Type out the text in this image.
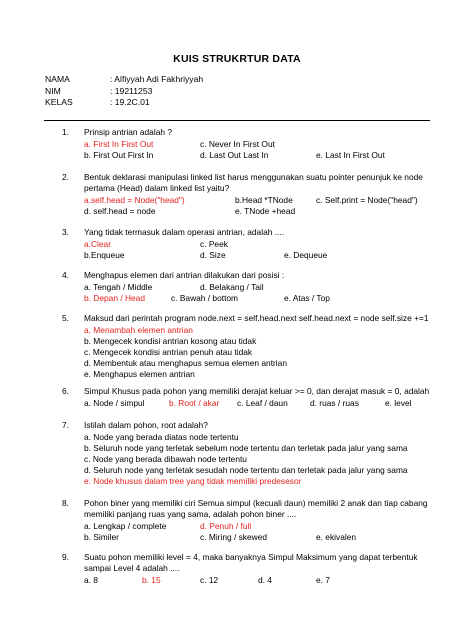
KUIS STRUKRTUR DATA
NAMA	: Alfiyyah Adi Fakhriyyah
NIM	: 19211253
KELAS	: 19.2C.01
1. Prinsip antrian adalah ?
a. First In First Out	c. Never In First Out
b. First Out First In	d. Last Out Last In	e. Last In First Out
2. Bentuk deklarasi manipulasi linked list harus menggunakan suatu pointer penunjuk ke node
pertama (Head) dalam linked list yaitu?
a.self.head = Node("head")	b.Head *TNode	c. Self.print = Node("head")
d. self.head = node	e. TNode +head
3. Yang tidak termasuk dalam operasi antrian, adalah ....
a.Clear	c. Peek
b.Enqueue	d. Size	e. Dequeue
4. Menghapus elemen dari antrian dilakukan dari posisi :
a. Tengah / Middle	d. Belakang / Tail
b. Depan / Head	c. Bawah / bottom	e. Atas / Top
5. Maksud dari perintah program node.next = self.head.next self.head.next = node self.size +=1
a. Menambah elemen antrian
b. Mengecek kondisi antrian kosong atau tidak
c. Mengecek kondisi antrian penuh atau tidak
d. Membentuk atau menghapus semua elemen antrian
e. Menghapus elemen antrian
6. Simpul Khusus pada pohon yang memiliki derajat keluar >= 0, dan derajat masuk = 0, adalah
a. Node / simpul	b. Root / akar c. Leaf / daun	d. ruas / ruas	e. level
7. Istilah dalam pohon, root adalah?
a. Node yang berada diatas node tertentu
b. Seluruh node yang terletak sebelum node tertentu dan terletak pada jalur yang sama
c. Node yang berada dibawah node tertentu
d. Seluruh node yang terletak sesudah node tertentu dan terletak pada jalur yang sama
e. Node khusus dalam tree yang tidak memiliki predesesor
8. Pohon biner yang memiliki ciri Semua simpul (kecuali daun) memiliki 2 anak dan tiap cabang
memiliki panjang ruas yang sama, adalah pohon biner ....
a. Lengkap / complete	d. Penuh / full
b. Similer	c. Miring / skewed	e. ekivalen
9. Suatu pohon memiliki level = 4, maka banyaknya Simpul Maksimum yang dapat terbentuk
sampai Level 4 adalah ....
a. 8	b. 15	c. 12	d. 4	e. 7
